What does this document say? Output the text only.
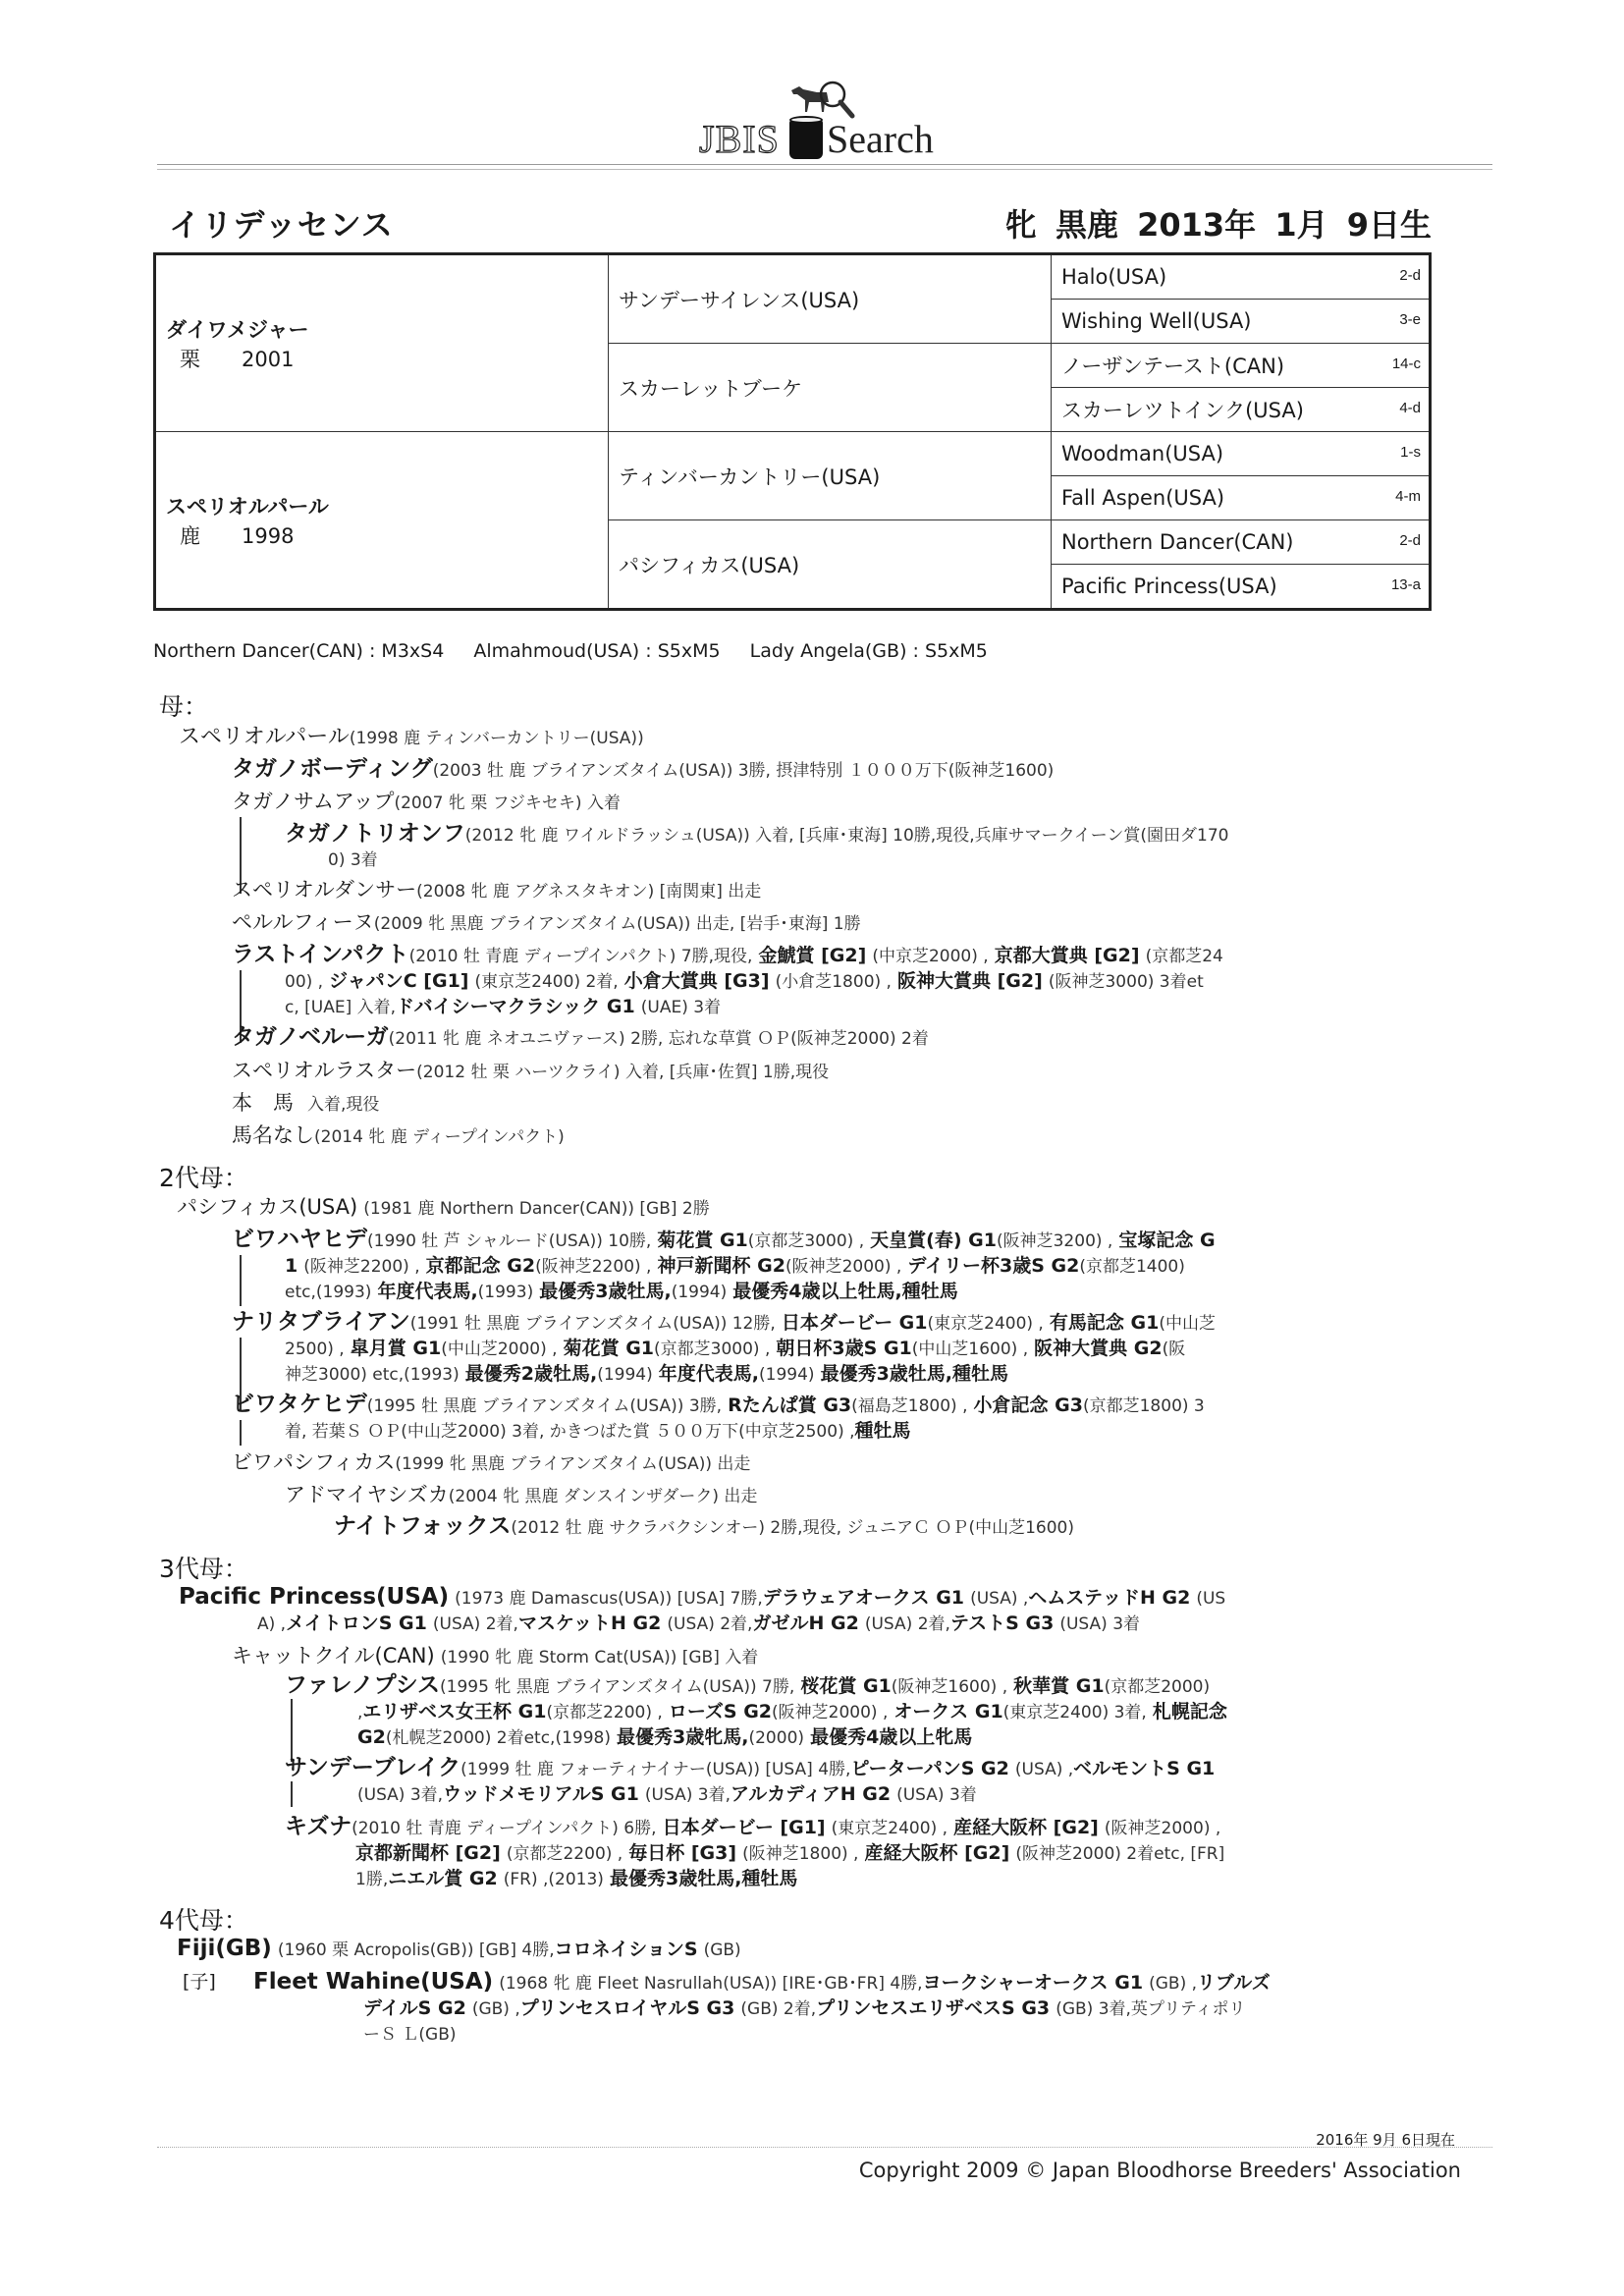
JBIS Search
イリデッセンス	牝 黒鹿 2013年 1月 9日生
ダイワメジャー
栗 2001	サンデーサイレンス(USA)	Halo(USA) 2-d

		Wishing Well(USA) 3-e

	スカーレットブーケ	ノーザンテースト(CAN) 14-c

		スカーレツトインク(USA) 4-d

スペリオルパール
鹿 1998	ティンバーカントリー(USA)	Woodman(USA) 1-s

		Fall Aspen(USA) 4-m

	パシフィカス(USA)	Northern Dancer(CAN) 2-d

		Pacific Princess(USA) 13-a
Northern Dancer(CAN) : M3xS4 Almahmoud(USA) : S5xM5 Lady Angela(GB) : S5xM5
母：
スペリオルパール(1998 鹿 ティンバーカントリー(USA))
タガノボーディング(2003 牡 鹿 ブライアンズタイム(USA)) 3勝, 摂津特別 １０００万下(阪神芝1600)
タガノサムアップ(2007 牝 栗 フジキセキ) 入着
タガノトリオンフ(2012 牝 鹿 ワイルドラッシュ(USA)) 入着, [兵庫･東海] 10勝,現役,兵庫サマークイーン賞(園田ダ170
0) 3着
スペリオルダンサー(2008 牝 鹿 アグネスタキオン) [南関東] 出走
ペルルフィーヌ(2009 牝 黒鹿 ブライアンズタイム(USA)) 出走, [岩手･東海] 1勝
ラストインパクト(2010 牡 青鹿 ディープインパクト) 7勝,現役, 金鯱賞 [G2] (中京芝2000) , 京都大賞典 [G2] (京都芝24
00) , ジャパンC [G1] (東京芝2400) 2着, 小倉大賞典 [G3] (小倉芝1800) , 阪神大賞典 [G2] (阪神芝3000) 3着et
c, [UAE] 入着,ドバイシーマクラシック G1 (UAE) 3着
タガノベルーガ(2011 牝 鹿 ネオユニヴァース) 2勝, 忘れな草賞 ＯＰ(阪神芝2000) 2着
スペリオルラスター(2012 牡 栗 ハーツクライ) 入着, [兵庫･佐賀] 1勝,現役
本　馬 入着,現役
馬名なし(2014 牝 鹿 ディープインパクト)
2代母：
パシフィカス(USA) (1981 鹿 Northern Dancer(CAN)) [GB] 2勝
ビワハヤヒデ(1990 牡 芦 シャルード(USA)) 10勝, 菊花賞 G1(京都芝3000) , 天皇賞(春) G1(阪神芝3200) , 宝塚記念 G
1 (阪神芝2200) , 京都記念 G2(阪神芝2200) , 神戸新聞杯 G2(阪神芝2000) , デイリー杯3歳S G2(京都芝1400)
etc,(1993) 年度代表馬,(1993) 最優秀3歳牡馬,(1994) 最優秀4歳以上牡馬,種牡馬
ナリタブライアン(1991 牡 黒鹿 ブライアンズタイム(USA)) 12勝, 日本ダービー G1(東京芝2400) , 有馬記念 G1(中山芝
2500) , 皐月賞 G1(中山芝2000) , 菊花賞 G1(京都芝3000) , 朝日杯3歳S G1(中山芝1600) , 阪神大賞典 G2(阪
神芝3000) etc,(1993) 最優秀2歳牡馬,(1994) 年度代表馬,(1994) 最優秀3歳牡馬,種牡馬
ビワタケヒデ(1995 牡 黒鹿 ブライアンズタイム(USA)) 3勝, Rたんぱ賞 G3(福島芝1800) , 小倉記念 G3(京都芝1800) 3
着, 若葉Ｓ ＯＰ(中山芝2000) 3着, かきつばた賞 ５００万下(中京芝2500) ,種牡馬
ビワパシフィカス(1999 牝 黒鹿 ブライアンズタイム(USA)) 出走
アドマイヤシズカ(2004 牝 黒鹿 ダンスインザダーク) 出走
ナイトフォックス(2012 牡 鹿 サクラバクシンオー) 2勝,現役, ジュニアＣ ＯＰ(中山芝1600)
3代母：
Pacific Princess(USA) (1973 鹿 Damascus(USA)) [USA] 7勝,デラウェアオークス G1 (USA) ,ヘムステッドH G2 (US
A) ,メイトロンS G1 (USA) 2着,マスケットH G2 (USA) 2着,ガゼルH G2 (USA) 2着,テストS G3 (USA) 3着
キャットクイル(CAN) (1990 牝 鹿 Storm Cat(USA)) [GB] 入着
ファレノプシス(1995 牝 黒鹿 ブライアンズタイム(USA)) 7勝, 桜花賞 G1(阪神芝1600) , 秋華賞 G1(京都芝2000)
,エリザベス女王杯 G1(京都芝2200) , ローズS G2(阪神芝2000) , オークス G1(東京芝2400) 3着, 札幌記念
G2(札幌芝2000) 2着etc,(1998) 最優秀3歳牝馬,(2000) 最優秀4歳以上牝馬
サンデーブレイク(1999 牡 鹿 フォーティナイナー(USA)) [USA] 4勝,ピーターパンS G2 (USA) ,ベルモントS G1
(USA) 3着,ウッドメモリアルS G1 (USA) 3着,アルカディアH G2 (USA) 3着
キズナ(2010 牡 青鹿 ディープインパクト) 6勝, 日本ダービー [G1] (東京芝2400) , 産経大阪杯 [G2] (阪神芝2000) ,
京都新聞杯 [G2] (京都芝2200) , 毎日杯 [G3] (阪神芝1800) , 産経大阪杯 [G2] (阪神芝2000) 2着etc, [FR]
1勝,ニエル賞 G2 (FR) ,(2013) 最優秀3歳牡馬,種牡馬
4代母：
Fiji(GB) (1960 栗 Acropolis(GB)) [GB] 4勝,コロネイションS (GB)
[子] Fleet Wahine(USA) (1968 牝 鹿 Fleet Nasrullah(USA)) [IRE･GB･FR] 4勝,ヨークシャーオークス G1 (GB) ,リブルズ
デイルS G2 (GB) ,プリンセスロイヤルS G3 (GB) 2着,プリンセスエリザベスS G3 (GB) 3着,英プリティポリ
ーＳ Ｌ(GB)
2016年 9月 6日現在
Copyright 2009 © Japan Bloodhorse Breeders' Association
